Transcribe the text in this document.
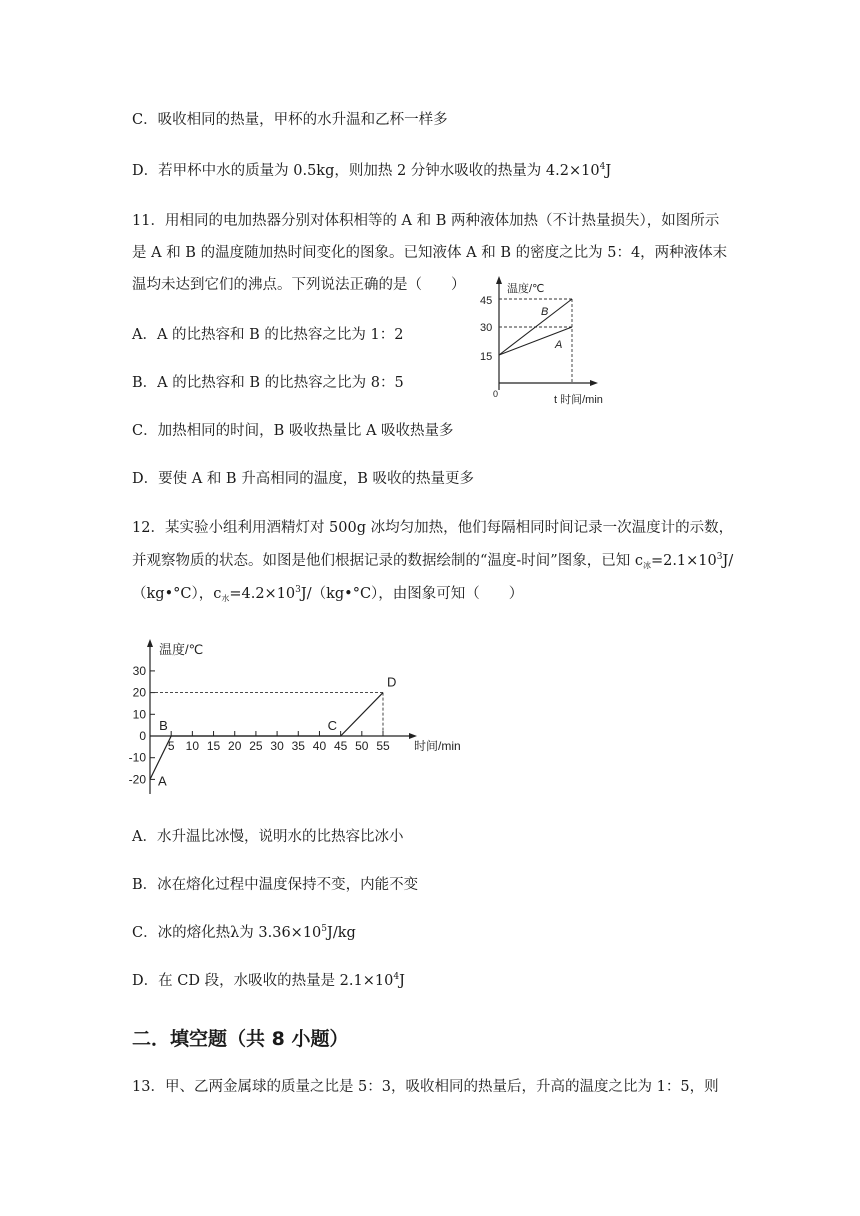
C．吸收相同的热量，甲杯的水升温和乙杯一样多
D．若甲杯中水的质量为 0.5kg，则加热 2 分钟水吸收的热量为 $4.2\times 10^4J$
11．用相同的电加热器分别对体积相等的 A 和 B 两种液体加热（不计热量损失），如图所示
是 A 和 B 的温度随加热时间变化的图象。已知液体 A 和 B 的密度之比为 5：4，两种液体末
温均未达到它们的沸点。下列说法正确的是（　　）
A．A 的比热容和 B 的比热容之比为 1：2
B．A 的比热容和 B 的比热容之比为 8：5
C．加热相同的时间，B 吸收热量比 A 吸收热量多
D．要使 A 和 B 升高相同的温度，B 吸收的热量更多
温度/℃
t 时间/min
0
45
30
15
A
B
12．某实验小组利用酒精灯对 500g 冰均匀加热，他们每隔相同时间记录一次温度计的示数，
并观察物质的状态。如图是他们根据记录的数据绘制的“温度-时间”图象，已知 $c_冰=2.1\times 10^3J/$
（kg•°C），$c_水=4.2\times 10^3J/(kg•^\circ C)$，由图象可知（　　）
温度/℃
时间/min
5 10 15 20 25 30 35 40 45 50 55
30
20
10
0
-10
-20 A
B	C
D
A．水升温比冰慢，说明水的比热容比冰小
B．冰在熔化过程中温度保持不变，内能不变
C．冰的熔化热λ为 $3.36\times 10^5J/kg$
D．在 CD 段，水吸收的热量是 $2.1\times 10^4J$
二．填空题（共 8 小题）
13．甲、乙两金属球的质量之比是 5：3，吸收相同的热量后，升高的温度之比为 1：5，则
